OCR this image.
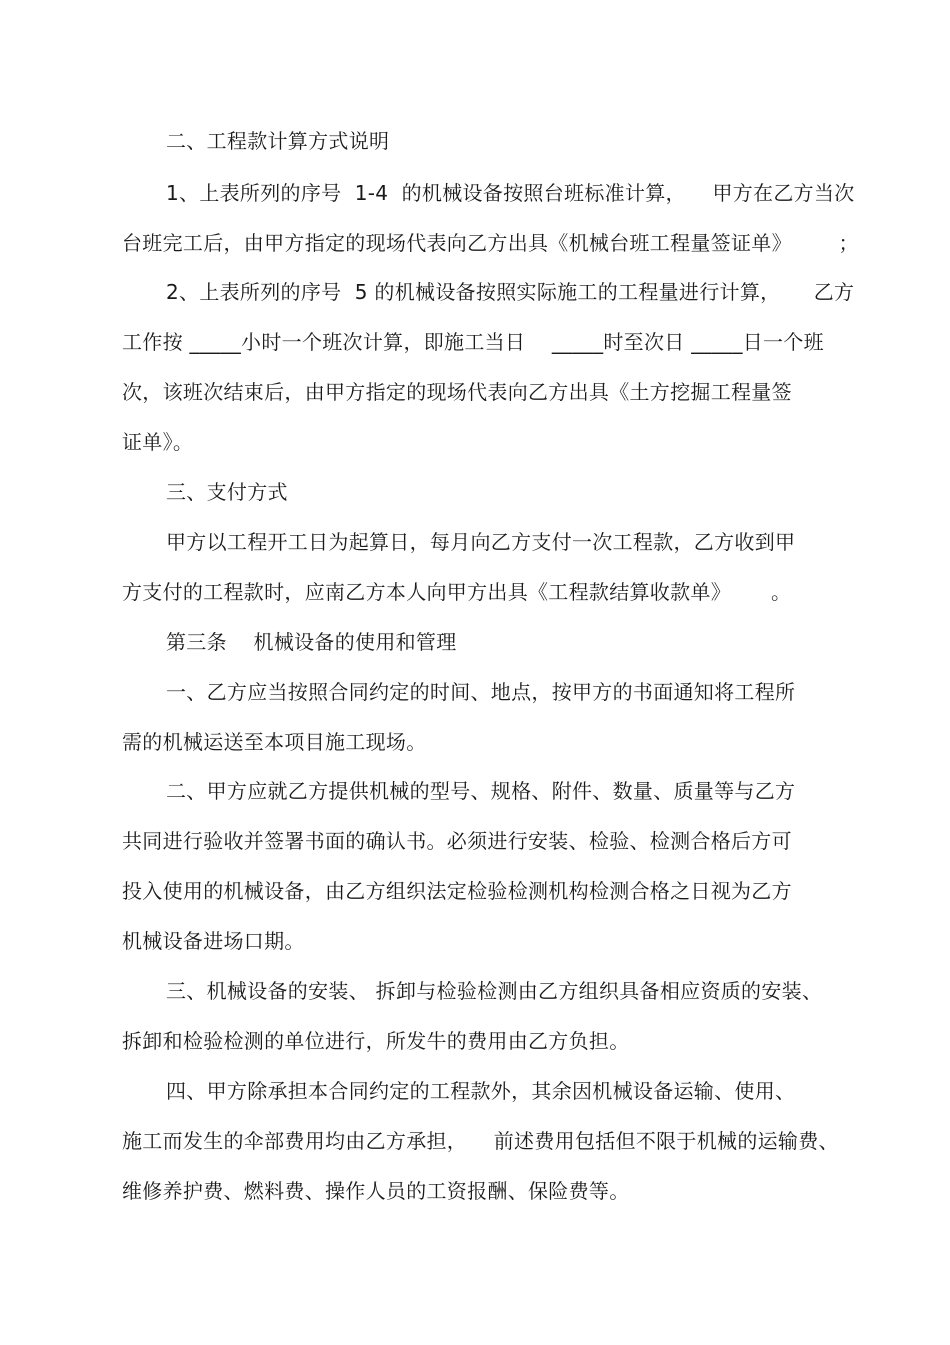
二、工程款计算方式说明
1、上表所列的序号  1-4  的机械设备按照台班标准计算，    甲方在乙方当次
台班完工后，由甲方指定的现场代表向乙方出具《机械台班工程量签证单》       ；
2、上表所列的序号  5 的机械设备按照实际施工的工程量进行计算，     乙方
工作按 _____小时一个班次计算，即施工当日    _____时至次日 _____日一个班
次，该班次结束后，由甲方指定的现场代表向乙方出具《土方挖掘工程量签
证单》。
三、支付方式
甲方以工程开工日为起算日，每月向乙方支付一次工程款，乙方收到甲
方支付的工程款时，应南乙方本人向甲方出具《工程款结算收款单》      。
第三条    机械设备的使用和管理
一、乙方应当按照合同约定的时间、地点，按甲方的书面通知将工程所
需的机械运送至本项目施工现场。
二、甲方应就乙方提供机械的型号、规格、附件、数量、质量等与乙方
共同进行验收并签署书面的确认书。必须进行安装、检验、检测合格后方可
投入使用的机械设备，由乙方组织法定检验检测机构检测合格之日视为乙方
机械设备进场口期。
三、机械设备的安装、 拆卸与检验检测由乙方组织具备相应资质的安装、
拆卸和检验检测的单位进行，所发牛的费用由乙方负担。
四、甲方除承担本合同约定的工程款外，其余因机械设备运输、使用、
施工而发生的伞部费用均由乙方承担，    前述费用包括但不限于机械的运输费、
维修养护费、燃料费、操作人员的工资报酬、保险费等。
